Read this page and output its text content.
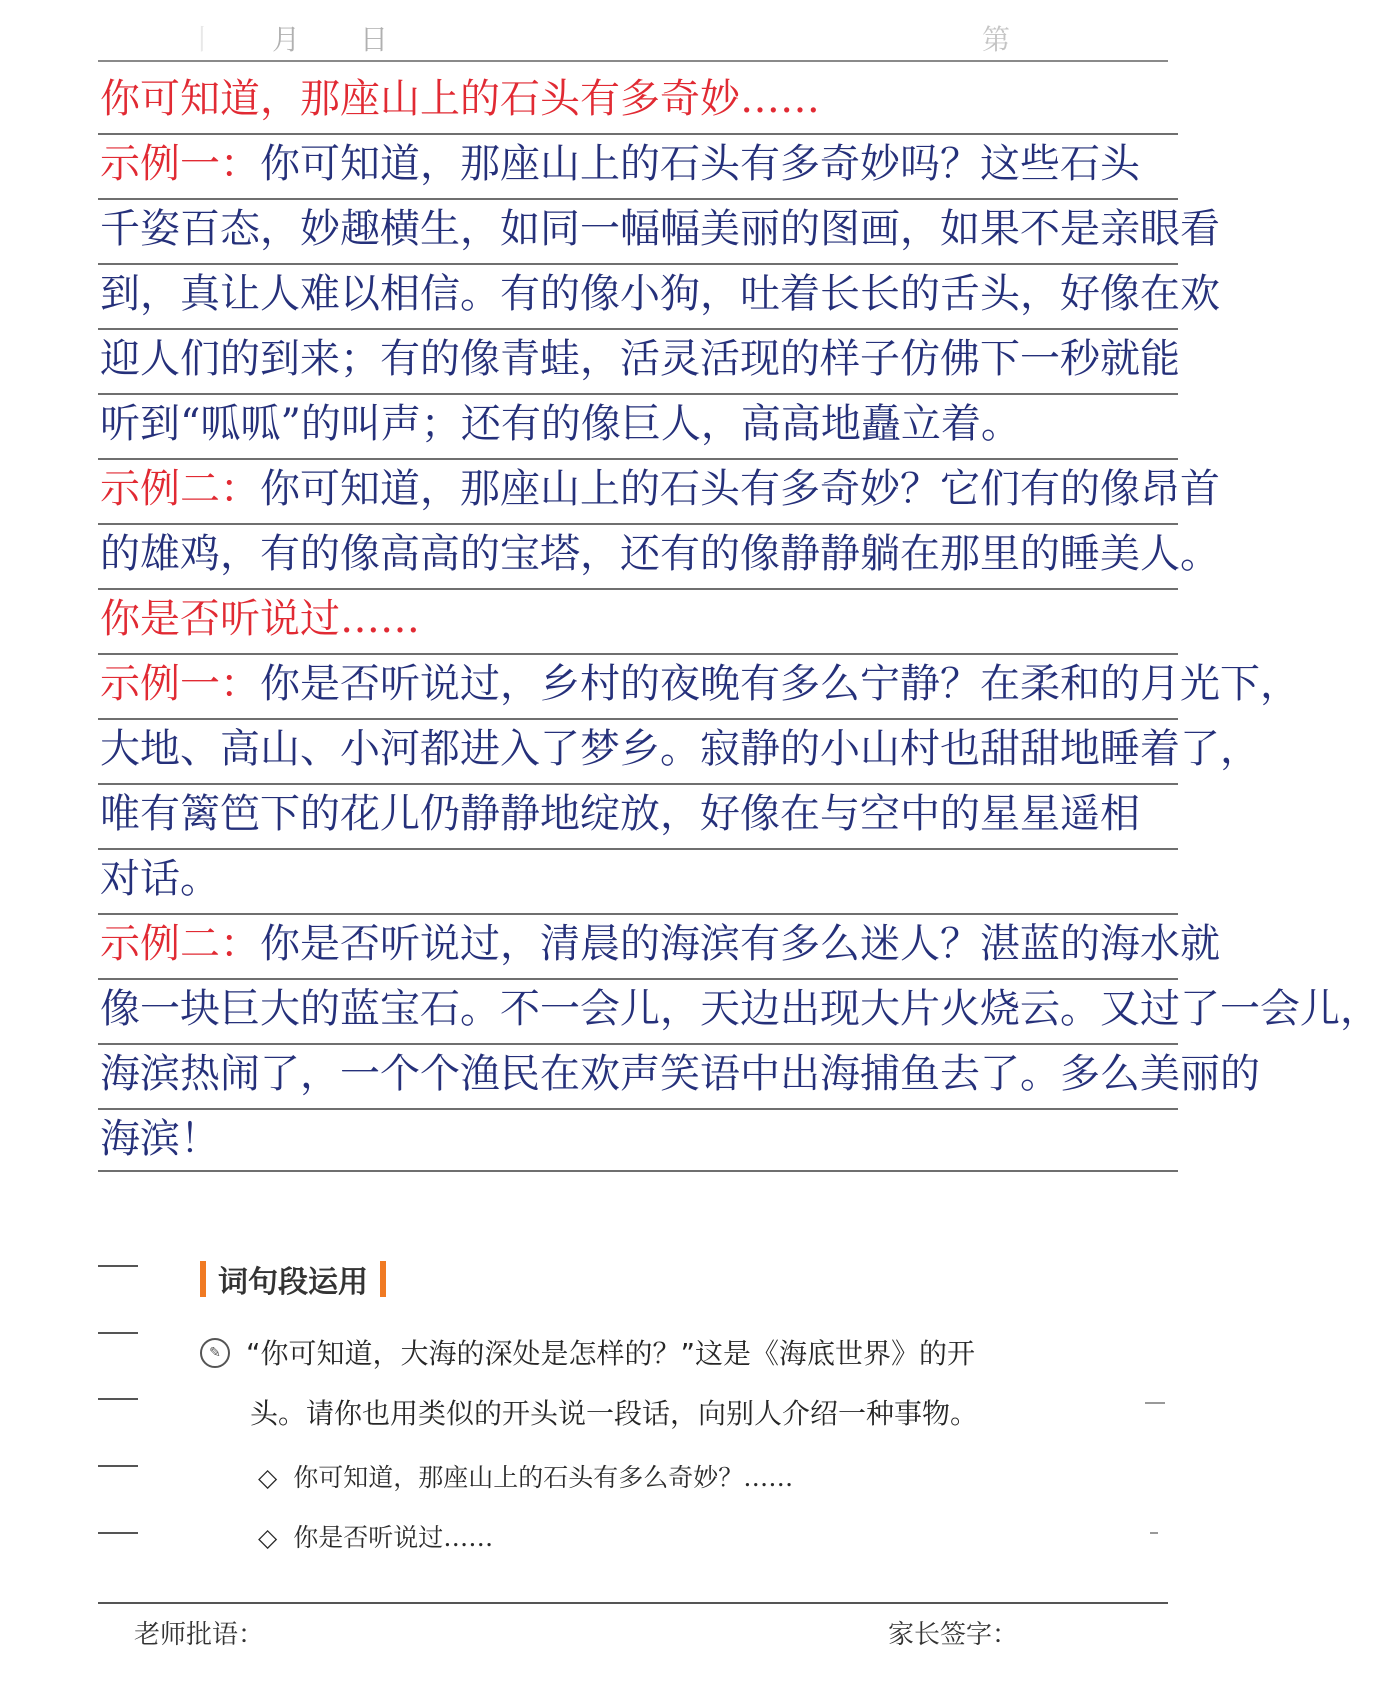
丨 月 日	第
你可知道，那座山上的石头有多奇妙……
示例一：你可知道，那座山上的石头有多奇妙吗？这些石头
千姿百态，妙趣横生，如同一幅幅美丽的图画，如果不是亲眼看
到，真让人难以相信。有的像小狗，吐着长长的舌头，好像在欢
迎人们的到来；有的像青蛙，活灵活现的样子仿佛下一秒就能
听到“呱呱”的叫声；还有的像巨人，高高地矗立着。
示例二：你可知道，那座山上的石头有多奇妙？它们有的像昂首
的雄鸡，有的像高高的宝塔，还有的像静静躺在那里的睡美人。
你是否听说过……
示例一：你是否听说过，乡村的夜晚有多么宁静？在柔和的月光下，
大地、高山、小河都进入了梦乡。寂静的小山村也甜甜地睡着了，
唯有篱笆下的花儿仍静静地绽放，好像在与空中的星星遥相
对话。
示例二：你是否听说过，清晨的海滨有多么迷人？湛蓝的海水就
像一块巨大的蓝宝石。不一会儿，天边出现大片火烧云。又过了一会儿，
海滨热闹了，一个个渔民在欢声笑语中出海捕鱼去了。多么美丽的
海滨！
词句段运用
✎ “你可知道，大海的深处是怎样的？”这是《海底世界》的开
头。请你也用类似的开头说一段话，向别人介绍一种事物。
◇ 你可知道，那座山上的石头有多么奇妙？……
◇ 你是否听说过……
老师批语：	家长签字：
